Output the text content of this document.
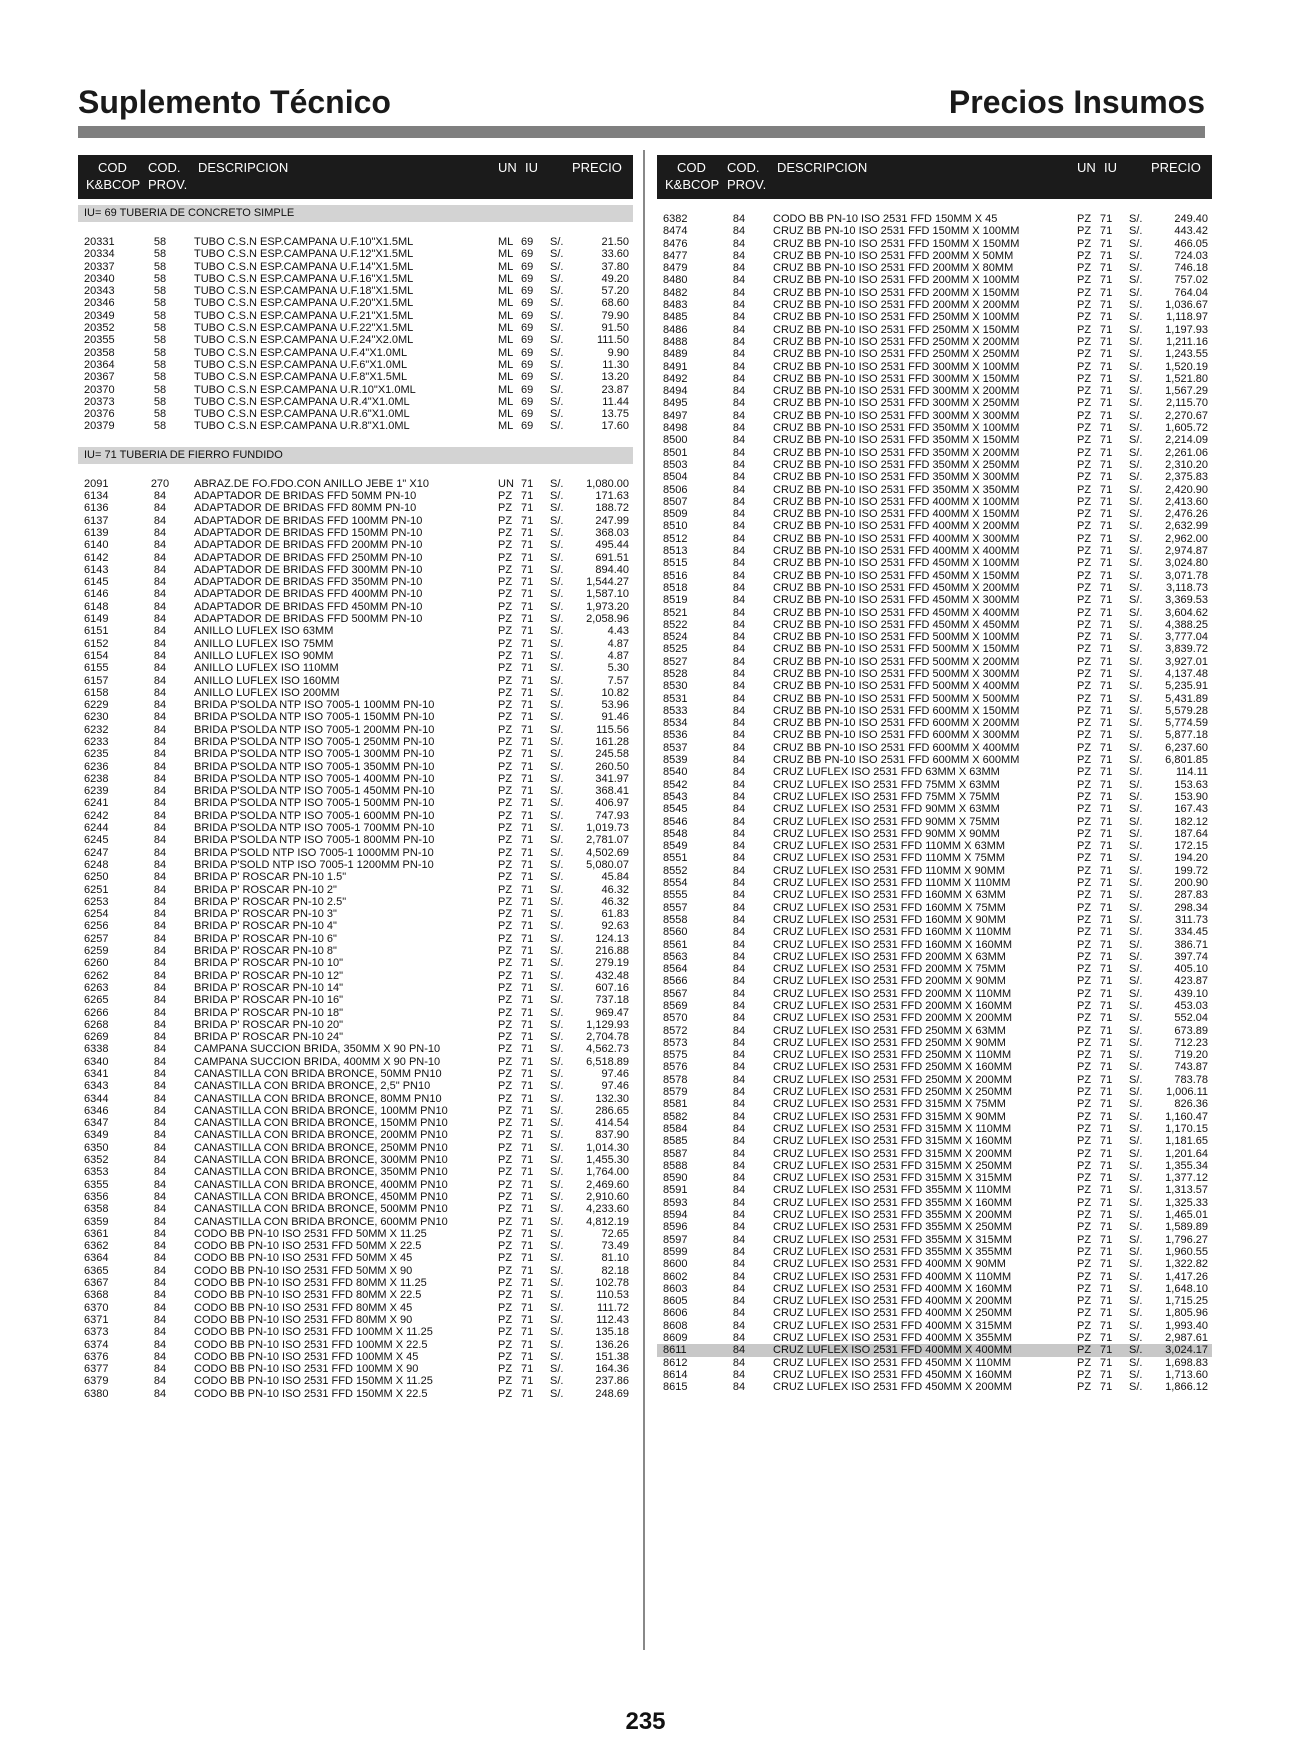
Suplemento Técnico	Precios Insumos
COD
K&BCOP
COD.
PROV.
DESCRIPCION	UN IU	PRECIO
IU= 69 TUBERIA DE CONCRETO SIMPLE
20331	58	TUBO C.S.N ESP.CAMPANA U.F.10"X1.5ML	ML 69 S/.	21.50
20334	58	TUBO C.S.N ESP.CAMPANA U.F.12"X1.5ML	ML 69 S/.	33.60
20337	58	TUBO C.S.N ESP.CAMPANA U.F.14"X1.5ML	ML 69 S/.	37.80
20340	58	TUBO C.S.N ESP.CAMPANA U.F.16"X1.5ML	ML 69 S/.	49.20
20343	58	TUBO C.S.N ESP.CAMPANA U.F.18"X1.5ML	ML 69 S/.	57.20
20346	58	TUBO C.S.N ESP.CAMPANA U.F.20"X1.5ML	ML 69 S/.	68.60
20349	58	TUBO C.S.N ESP.CAMPANA U.F.21"X1.5ML	ML 69 S/.	79.90
20352	58	TUBO C.S.N ESP.CAMPANA U.F.22"X1.5ML	ML 69 S/.	91.50
20355	58	TUBO C.S.N ESP.CAMPANA U.F.24"X2.0ML	ML 69 S/.	111.50
20358	58	TUBO C.S.N ESP.CAMPANA U.F.4"X1.0ML	ML 69 S/.	9.90
20364	58	TUBO C.S.N ESP.CAMPANA U.F.6"X1.0ML	ML 69 S/.	11.30
20367	58	TUBO C.S.N ESP.CAMPANA U.F.8"X1.5ML	ML 69 S/.	13.20
20370	58	TUBO C.S.N ESP.CAMPANA U.R.10"X1.0ML	ML 69 S/.	23.87
20373	58	TUBO C.S.N ESP.CAMPANA U.R.4"X1.0ML	ML 69 S/.	11.44
20376	58	TUBO C.S.N ESP.CAMPANA U.R.6"X1.0ML	ML 69 S/.	13.75
20379	58	TUBO C.S.N ESP.CAMPANA U.R.8"X1.0ML	ML 69 S/.	17.60
IU= 71 TUBERIA DE FIERRO FUNDIDO
2091	270 ABRAZ.DE FO.FDO.CON ANILLO JEBE 1" X10	UN 71 S/. 1,080.00
6134	84	ADAPTADOR DE BRIDAS FFD 50MM PN-10	PZ 71 S/.	171.63
6136	84	ADAPTADOR DE BRIDAS FFD 80MM PN-10	PZ 71 S/.	188.72
6137	84	ADAPTADOR DE BRIDAS FFD 100MM PN-10	PZ 71 S/.	247.99
6139	84	ADAPTADOR DE BRIDAS FFD 150MM PN-10	PZ 71 S/.	368.03
6140	84	ADAPTADOR DE BRIDAS FFD 200MM PN-10	PZ 71 S/.	495.44
6142	84	ADAPTADOR DE BRIDAS FFD 250MM PN-10	PZ 71 S/.	691.51
6143	84	ADAPTADOR DE BRIDAS FFD 300MM PN-10	PZ 71 S/.	894.40
6145	84	ADAPTADOR DE BRIDAS FFD 350MM PN-10	PZ 71 S/. 1,544.27
6146	84	ADAPTADOR DE BRIDAS FFD 400MM PN-10	PZ 71 S/. 1,587.10
6148	84	ADAPTADOR DE BRIDAS FFD 450MM PN-10	PZ 71 S/. 1,973.20
6149	84	ADAPTADOR DE BRIDAS FFD 500MM PN-10	PZ 71 S/. 2,058.96
6151	84	ANILLO LUFLEX ISO 63MM	PZ 71 S/.	4.43
6152	84	ANILLO LUFLEX ISO 75MM	PZ 71 S/.	4.87
6154	84	ANILLO LUFLEX ISO 90MM	PZ 71 S/.	4.87
6155	84	ANILLO LUFLEX ISO 110MM	PZ 71 S/.	5.30
6157	84	ANILLO LUFLEX ISO 160MM	PZ 71 S/.	7.57
6158	84	ANILLO LUFLEX ISO 200MM	PZ 71 S/.	10.82
6229	84	BRIDA P'SOLDA NTP ISO 7005-1 100MM PN-10	PZ 71 S/.	53.96
6230	84	BRIDA P'SOLDA NTP ISO 7005-1 150MM PN-10	PZ 71 S/.	91.46
6232	84	BRIDA P'SOLDA NTP ISO 7005-1 200MM PN-10	PZ 71 S/.	115.56
6233	84	BRIDA P'SOLDA NTP ISO 7005-1 250MM PN-10	PZ 71 S/.	161.28
6235	84	BRIDA P'SOLDA NTP ISO 7005-1 300MM PN-10	PZ 71 S/.	245.58
6236	84	BRIDA P'SOLDA NTP ISO 7005-1 350MM PN-10	PZ 71 S/.	260.50
6238	84	BRIDA P'SOLDA NTP ISO 7005-1 400MM PN-10	PZ 71 S/.	341.97
6239	84	BRIDA P'SOLDA NTP ISO 7005-1 450MM PN-10	PZ 71 S/.	368.41
6241	84	BRIDA P'SOLDA NTP ISO 7005-1 500MM PN-10	PZ 71 S/.	406.97
6242	84	BRIDA P'SOLDA NTP ISO 7005-1 600MM PN-10	PZ 71 S/.	747.93
6244	84	BRIDA P'SOLDA NTP ISO 7005-1 700MM PN-10	PZ 71 S/. 1,019.73
6245	84	BRIDA P'SOLDA NTP ISO 7005-1 800MM PN-10	PZ 71 S/. 2,781.07
6247	84	BRIDA P'SOLD NTP ISO 7005-1 1000MM PN-10	PZ 71 S/. 4,502.69
6248	84	BRIDA P'SOLD NTP ISO 7005-1 1200MM PN-10	PZ 71 S/. 5,080.07
6250	84	BRIDA P' ROSCAR PN-10 1.5"	PZ 71 S/.	45.84
6251	84	BRIDA P' ROSCAR PN-10 2"	PZ 71 S/.	46.32
6253	84	BRIDA P' ROSCAR PN-10 2.5"	PZ 71 S/.	46.32
6254	84	BRIDA P' ROSCAR PN-10 3"	PZ 71 S/.	61.83
6256	84	BRIDA P' ROSCAR PN-10 4"	PZ 71 S/.	92.63
6257	84	BRIDA P' ROSCAR PN-10 6"	PZ 71 S/.	124.13
6259	84	BRIDA P' ROSCAR PN-10 8"	PZ 71 S/.	216.88
6260	84	BRIDA P' ROSCAR PN-10 10"	PZ 71 S/.	279.19
6262	84	BRIDA P' ROSCAR PN-10 12"	PZ 71 S/.	432.48
6263	84	BRIDA P' ROSCAR PN-10 14"	PZ 71 S/.	607.16
6265	84	BRIDA P' ROSCAR PN-10 16"	PZ 71 S/.	737.18
6266	84	BRIDA P' ROSCAR PN-10 18"	PZ 71 S/.	969.47
6268	84	BRIDA P' ROSCAR PN-10 20"	PZ 71 S/. 1,129.93
6269	84	BRIDA P' ROSCAR PN-10 24"	PZ 71 S/. 2,704.78
6338	84	CAMPANA SUCCION BRIDA, 350MM X 90 PN-10	PZ 71 S/. 4,562.73
6340	84	CAMPANA SUCCION BRIDA, 400MM X 90 PN-10	PZ 71 S/. 6,518.89
6341	84	CANASTILLA CON BRIDA BRONCE, 50MM PN10	PZ 71 S/.	97.46
6343	84	CANASTILLA CON BRIDA BRONCE, 2,5" PN10	PZ 71 S/.	97.46
6344	84	CANASTILLA CON BRIDA BRONCE, 80MM PN10	PZ 71 S/.	132.30
6346	84	CANASTILLA CON BRIDA BRONCE, 100MM PN10	PZ 71 S/.	286.65
6347	84	CANASTILLA CON BRIDA BRONCE, 150MM PN10	PZ 71 S/.	414.54
6349	84	CANASTILLA CON BRIDA BRONCE, 200MM PN10	PZ 71 S/.	837.90
6350	84	CANASTILLA CON BRIDA BRONCE, 250MM PN10	PZ 71 S/. 1,014.30
6352	84	CANASTILLA CON BRIDA BRONCE, 300MM PN10	PZ 71 S/. 1,455.30
6353	84	CANASTILLA CON BRIDA BRONCE, 350MM PN10	PZ 71 S/. 1,764.00
6355	84	CANASTILLA CON BRIDA BRONCE, 400MM PN10	PZ 71 S/. 2,469.60
6356	84	CANASTILLA CON BRIDA BRONCE, 450MM PN10	PZ 71 S/. 2,910.60
6358	84	CANASTILLA CON BRIDA BRONCE, 500MM PN10	PZ 71 S/. 4,233.60
6359	84	CANASTILLA CON BRIDA BRONCE, 600MM PN10	PZ 71 S/. 4,812.19
6361	84	CODO BB PN-10 ISO 2531 FFD 50MM X 11.25	PZ 71 S/.	72.65
6362	84	CODO BB PN-10 ISO 2531 FFD 50MM X 22.5	PZ 71 S/.	73.49
6364	84	CODO BB PN-10 ISO 2531 FFD 50MM X 45	PZ 71 S/.	81.10
6365	84	CODO BB PN-10 ISO 2531 FFD 50MM X 90	PZ 71 S/.	82.18
6367	84	CODO BB PN-10 ISO 2531 FFD 80MM X 11.25	PZ 71 S/.	102.78
6368	84	CODO BB PN-10 ISO 2531 FFD 80MM X 22.5	PZ 71 S/.	110.53
6370	84	CODO BB PN-10 ISO 2531 FFD 80MM X 45	PZ 71 S/.	111.72
6371	84	CODO BB PN-10 ISO 2531 FFD 80MM X 90	PZ 71 S/.	112.43
6373	84	CODO BB PN-10 ISO 2531 FFD 100MM X 11.25	PZ 71 S/.	135.18
6374	84	CODO BB PN-10 ISO 2531 FFD 100MM X 22.5	PZ 71 S/.	136.26
6376	84	CODO BB PN-10 ISO 2531 FFD 100MM X 45	PZ 71 S/.	151.38
6377	84	CODO BB PN-10 ISO 2531 FFD 100MM X 90	PZ 71 S/.	164.36
6379	84	CODO BB PN-10 ISO 2531 FFD 150MM X 11.25	PZ 71 S/.	237.86
6380	84	CODO BB PN-10 ISO 2531 FFD 150MM X 22.5	PZ 71 S/.	248.69
COD
K&BCOP
COD.
PROV.
DESCRIPCION	UN IU	PRECIO
6382	84	CODO BB PN-10 ISO 2531 FFD 150MM X 45	PZ 71 S/.	249.40
8474	84	CRUZ BB PN-10 ISO 2531 FFD 150MM X 100MM	PZ 71 S/.	443.42
8476	84	CRUZ BB PN-10 ISO 2531 FFD 150MM X 150MM	PZ 71 S/.	466.05
8477	84	CRUZ BB PN-10 ISO 2531 FFD 200MM X 50MM	PZ 71 S/.	724.03
8479	84	CRUZ BB PN-10 ISO 2531 FFD 200MM X 80MM	PZ 71 S/.	746.18
8480	84	CRUZ BB PN-10 ISO 2531 FFD 200MM X 100MM	PZ 71 S/.	757.02
8482	84	CRUZ BB PN-10 ISO 2531 FFD 200MM X 150MM	PZ 71 S/.	764.04
8483	84	CRUZ BB PN-10 ISO 2531 FFD 200MM X 200MM	PZ 71 S/. 1,036.67
8485	84	CRUZ BB PN-10 ISO 2531 FFD 250MM X 100MM	PZ 71 S/. 1,118.97
8486	84	CRUZ BB PN-10 ISO 2531 FFD 250MM X 150MM	PZ 71 S/. 1,197.93
8488	84	CRUZ BB PN-10 ISO 2531 FFD 250MM X 200MM	PZ 71 S/. 1,211.16
8489	84	CRUZ BB PN-10 ISO 2531 FFD 250MM X 250MM	PZ 71 S/. 1,243.55
8491	84	CRUZ BB PN-10 ISO 2531 FFD 300MM X 100MM	PZ 71 S/. 1,520.19
8492	84	CRUZ BB PN-10 ISO 2531 FFD 300MM X 150MM	PZ 71 S/. 1,521.80
8494	84	CRUZ BB PN-10 ISO 2531 FFD 300MM X 200MM	PZ 71 S/. 1,567.29
8495	84	CRUZ BB PN-10 ISO 2531 FFD 300MM X 250MM	PZ 71 S/. 2,115.70
8497	84	CRUZ BB PN-10 ISO 2531 FFD 300MM X 300MM	PZ 71 S/. 2,270.67
8498	84	CRUZ BB PN-10 ISO 2531 FFD 350MM X 100MM	PZ 71 S/. 1,605.72
8500	84	CRUZ BB PN-10 ISO 2531 FFD 350MM X 150MM	PZ 71 S/. 2,214.09
8501	84	CRUZ BB PN-10 ISO 2531 FFD 350MM X 200MM	PZ 71 S/. 2,261.06
8503	84	CRUZ BB PN-10 ISO 2531 FFD 350MM X 250MM	PZ 71 S/. 2,310.20
8504	84	CRUZ BB PN-10 ISO 2531 FFD 350MM X 300MM	PZ 71 S/. 2,375.83
8506	84	CRUZ BB PN-10 ISO 2531 FFD 350MM X 350MM	PZ 71 S/. 2,420.90
8507	84	CRUZ BB PN-10 ISO 2531 FFD 400MM X 100MM	PZ 71 S/. 2,413.60
8509	84	CRUZ BB PN-10 ISO 2531 FFD 400MM X 150MM	PZ 71 S/. 2,476.26
8510	84	CRUZ BB PN-10 ISO 2531 FFD 400MM X 200MM	PZ 71 S/. 2,632.99
8512	84	CRUZ BB PN-10 ISO 2531 FFD 400MM X 300MM	PZ 71 S/. 2,962.00
8513	84	CRUZ BB PN-10 ISO 2531 FFD 400MM X 400MM	PZ 71 S/. 2,974.87
8515	84	CRUZ BB PN-10 ISO 2531 FFD 450MM X 100MM	PZ 71 S/. 3,024.80
8516	84	CRUZ BB PN-10 ISO 2531 FFD 450MM X 150MM	PZ 71 S/. 3,071.78
8518	84	CRUZ BB PN-10 ISO 2531 FFD 450MM X 200MM	PZ 71 S/. 3,118.73
8519	84	CRUZ BB PN-10 ISO 2531 FFD 450MM X 300MM	PZ 71 S/. 3,369.53
8521	84	CRUZ BB PN-10 ISO 2531 FFD 450MM X 400MM	PZ 71 S/. 3,604.62
8522	84	CRUZ BB PN-10 ISO 2531 FFD 450MM X 450MM	PZ 71 S/. 4,388.25
8524	84	CRUZ BB PN-10 ISO 2531 FFD 500MM X 100MM	PZ 71 S/. 3,777.04
8525	84	CRUZ BB PN-10 ISO 2531 FFD 500MM X 150MM	PZ 71 S/. 3,839.72
8527	84	CRUZ BB PN-10 ISO 2531 FFD 500MM X 200MM	PZ 71 S/. 3,927.01
8528	84	CRUZ BB PN-10 ISO 2531 FFD 500MM X 300MM	PZ 71 S/. 4,137.48
8530	84	CRUZ BB PN-10 ISO 2531 FFD 500MM X 400MM	PZ 71 S/. 5,235.91
8531	84	CRUZ BB PN-10 ISO 2531 FFD 500MM X 500MM	PZ 71 S/. 5,431.89
8533	84	CRUZ BB PN-10 ISO 2531 FFD 600MM X 150MM	PZ 71 S/. 5,579.28
8534	84	CRUZ BB PN-10 ISO 2531 FFD 600MM X 200MM	PZ 71 S/. 5,774.59
8536	84	CRUZ BB PN-10 ISO 2531 FFD 600MM X 300MM	PZ 71 S/. 5,877.18
8537	84	CRUZ BB PN-10 ISO 2531 FFD 600MM X 400MM	PZ 71 S/. 6,237.60
8539	84	CRUZ BB PN-10 ISO 2531 FFD 600MM X 600MM	PZ 71 S/. 6,801.85
8540	84	CRUZ LUFLEX ISO 2531 FFD 63MM X 63MM	PZ 71 S/.	114.11
8542	84	CRUZ LUFLEX ISO 2531 FFD 75MM X 63MM	PZ 71 S/.	153.63
8543	84	CRUZ LUFLEX ISO 2531 FFD 75MM X 75MM	PZ 71 S/.	153.90
8545	84	CRUZ LUFLEX ISO 2531 FFD 90MM X 63MM	PZ 71 S/.	167.43
8546	84	CRUZ LUFLEX ISO 2531 FFD 90MM X 75MM	PZ 71 S/.	182.12
8548	84	CRUZ LUFLEX ISO 2531 FFD 90MM X 90MM	PZ 71 S/.	187.64
8549	84	CRUZ LUFLEX ISO 2531 FFD 110MM X 63MM	PZ 71 S/.	172.15
8551	84	CRUZ LUFLEX ISO 2531 FFD 110MM X 75MM	PZ 71 S/.	194.20
8552	84	CRUZ LUFLEX ISO 2531 FFD 110MM X 90MM	PZ 71 S/.	199.72
8554	84	CRUZ LUFLEX ISO 2531 FFD 110MM X 110MM	PZ 71 S/.	200.90
8555	84	CRUZ LUFLEX ISO 2531 FFD 160MM X 63MM	PZ 71 S/.	287.83
8557	84	CRUZ LUFLEX ISO 2531 FFD 160MM X 75MM	PZ 71 S/.	298.34
8558	84	CRUZ LUFLEX ISO 2531 FFD 160MM X 90MM	PZ 71 S/.	311.73
8560	84	CRUZ LUFLEX ISO 2531 FFD 160MM X 110MM	PZ 71 S/.	334.45
8561	84	CRUZ LUFLEX ISO 2531 FFD 160MM X 160MM	PZ 71 S/.	386.71
8563	84	CRUZ LUFLEX ISO 2531 FFD 200MM X 63MM	PZ 71 S/.	397.74
8564	84	CRUZ LUFLEX ISO 2531 FFD 200MM X 75MM	PZ 71 S/.	405.10
8566	84	CRUZ LUFLEX ISO 2531 FFD 200MM X 90MM	PZ 71 S/.	423.87
8567	84	CRUZ LUFLEX ISO 2531 FFD 200MM X 110MM	PZ 71 S/.	439.10
8569	84	CRUZ LUFLEX ISO 2531 FFD 200MM X 160MM	PZ 71 S/.	453.03
8570	84	CRUZ LUFLEX ISO 2531 FFD 200MM X 200MM	PZ 71 S/.	552.04
8572	84	CRUZ LUFLEX ISO 2531 FFD 250MM X 63MM	PZ 71 S/.	673.89
8573	84	CRUZ LUFLEX ISO 2531 FFD 250MM X 90MM	PZ 71 S/.	712.23
8575	84	CRUZ LUFLEX ISO 2531 FFD 250MM X 110MM	PZ 71 S/.	719.20
8576	84	CRUZ LUFLEX ISO 2531 FFD 250MM X 160MM	PZ 71 S/.	743.87
8578	84	CRUZ LUFLEX ISO 2531 FFD 250MM X 200MM	PZ 71 S/.	783.78
8579	84	CRUZ LUFLEX ISO 2531 FFD 250MM X 250MM	PZ 71 S/. 1,006.11
8581	84	CRUZ LUFLEX ISO 2531 FFD 315MM X 75MM	PZ 71 S/.	826.36
8582	84	CRUZ LUFLEX ISO 2531 FFD 315MM X 90MM	PZ 71 S/. 1,160.47
8584	84	CRUZ LUFLEX ISO 2531 FFD 315MM X 110MM	PZ 71 S/. 1,170.15
8585	84	CRUZ LUFLEX ISO 2531 FFD 315MM X 160MM	PZ 71 S/. 1,181.65
8587	84	CRUZ LUFLEX ISO 2531 FFD 315MM X 200MM	PZ 71 S/. 1,201.64
8588	84	CRUZ LUFLEX ISO 2531 FFD 315MM X 250MM	PZ 71 S/. 1,355.34
8590	84	CRUZ LUFLEX ISO 2531 FFD 315MM X 315MM	PZ 71 S/. 1,377.12
8591	84	CRUZ LUFLEX ISO 2531 FFD 355MM X 110MM	PZ 71 S/. 1,313.57
8593	84	CRUZ LUFLEX ISO 2531 FFD 355MM X 160MM	PZ 71 S/. 1,325.33
8594	84	CRUZ LUFLEX ISO 2531 FFD 355MM X 200MM	PZ 71 S/. 1,465.01
8596	84	CRUZ LUFLEX ISO 2531 FFD 355MM X 250MM	PZ 71 S/. 1,589.89
8597	84	CRUZ LUFLEX ISO 2531 FFD 355MM X 315MM	PZ 71 S/. 1,796.27
8599	84	CRUZ LUFLEX ISO 2531 FFD 355MM X 355MM	PZ 71 S/. 1,960.55
8600	84	CRUZ LUFLEX ISO 2531 FFD 400MM X 90MM	PZ 71 S/. 1,322.82
8602	84	CRUZ LUFLEX ISO 2531 FFD 400MM X 110MM	PZ 71 S/. 1,417.26
8603	84	CRUZ LUFLEX ISO 2531 FFD 400MM X 160MM	PZ 71 S/. 1,648.10
8605	84	CRUZ LUFLEX ISO 2531 FFD 400MM X 200MM	PZ 71 S/. 1,715.25
8606	84	CRUZ LUFLEX ISO 2531 FFD 400MM X 250MM	PZ 71 S/. 1,805.96
8608	84	CRUZ LUFLEX ISO 2531 FFD 400MM X 315MM	PZ 71 S/. 1,993.40
8609	84	CRUZ LUFLEX ISO 2531 FFD 400MM X 355MM	PZ 71 S/. 2,987.61
8611	84	CRUZ LUFLEX ISO 2531 FFD 400MM X 400MM	PZ 71 S/. 3,024.17
8612	84	CRUZ LUFLEX ISO 2531 FFD 450MM X 110MM	PZ 71 S/. 1,698.83
8614	84	CRUZ LUFLEX ISO 2531 FFD 450MM X 160MM	PZ 71 S/. 1,713.60
8615	84	CRUZ LUFLEX ISO 2531 FFD 450MM X 200MM	PZ 71 S/. 1,866.12
235
